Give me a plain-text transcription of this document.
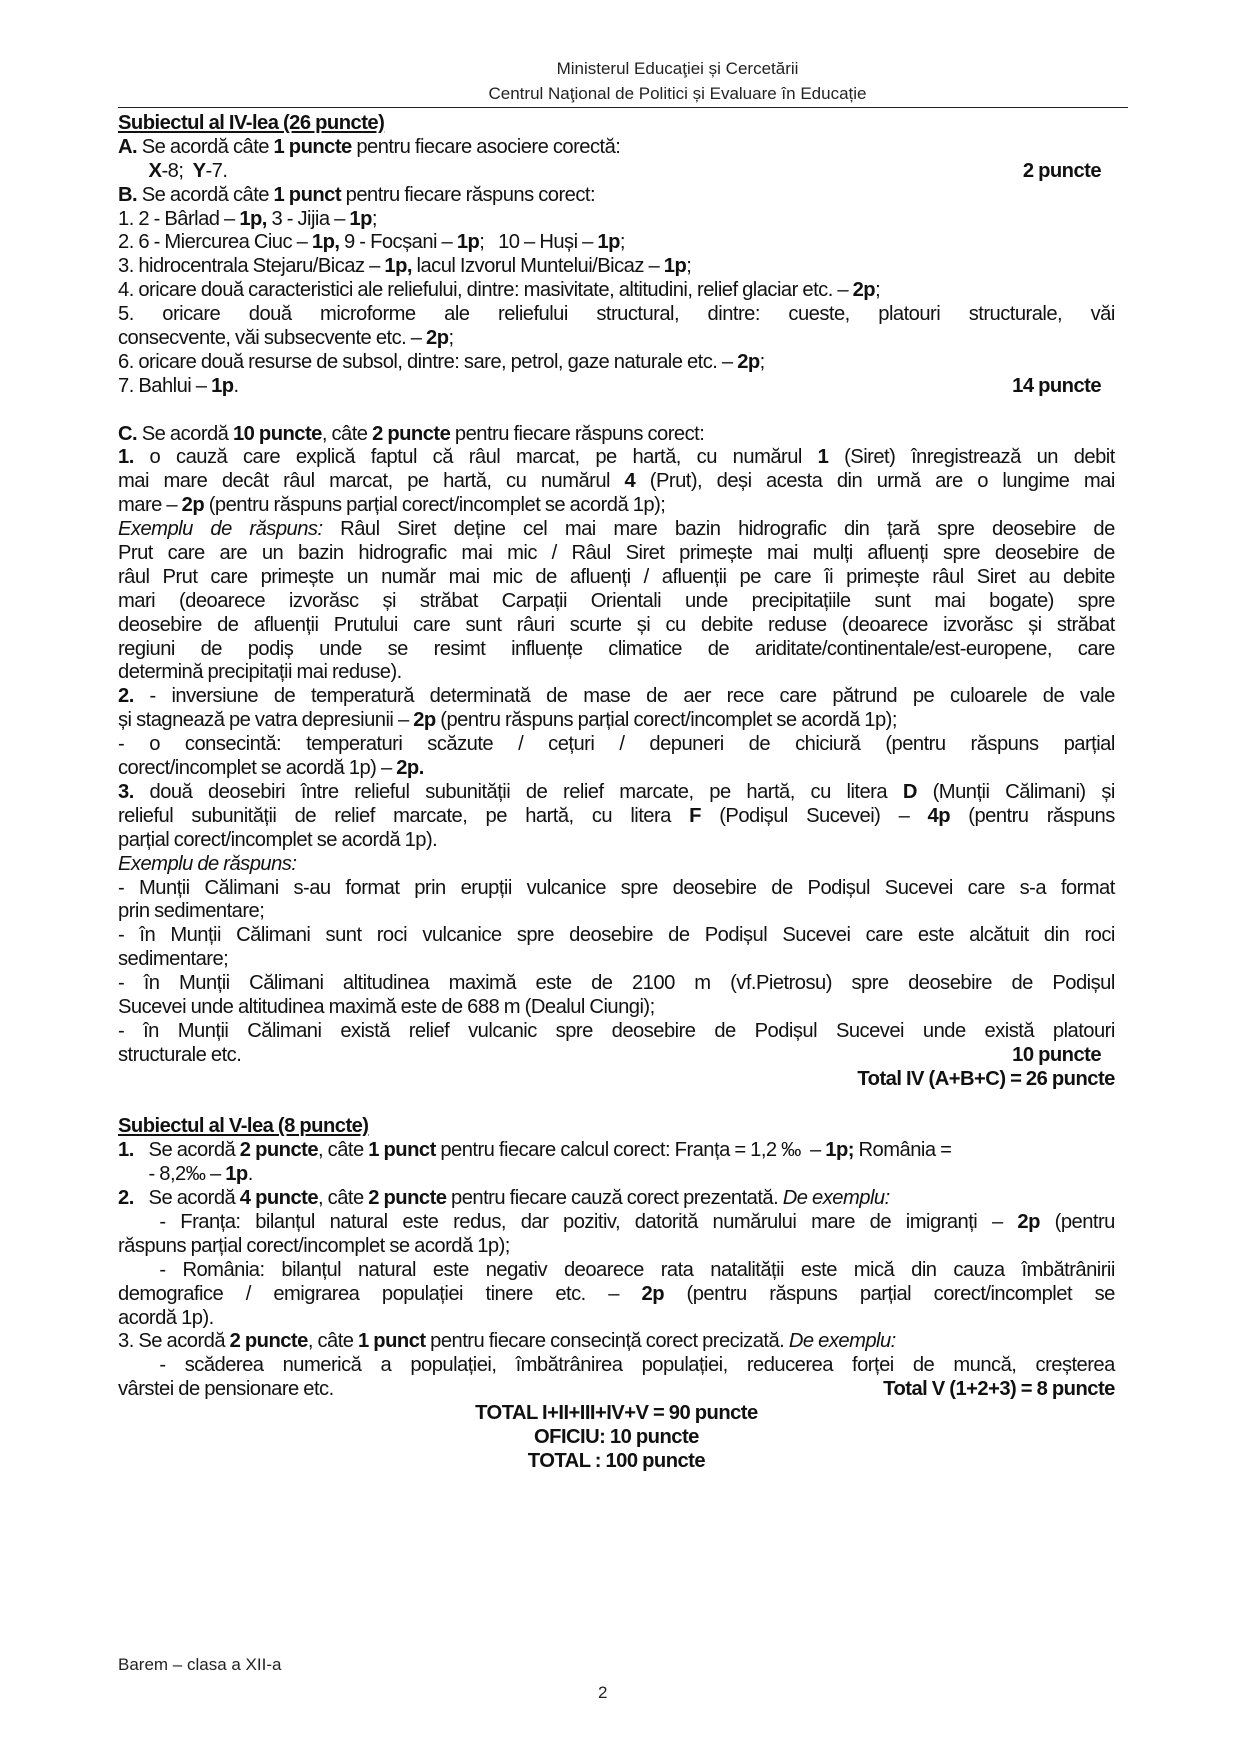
Ministerul Educaţiei și Cercetării
Centrul Naţional de Politici și Evaluare în Educație
Subiectul al IV-lea (26 puncte)
A. Se acordă câte 1 puncte pentru fiecare asociere corectă:
X-8;  Y-7.	2 puncte
B. Se acordă câte 1 punct pentru fiecare răspuns corect:
1. 2 - Bârlad – 1p, 3 - Jijia – 1p;
2. 6 - Miercurea Ciuc – 1p, 9 - Focșani – 1p;   10 – Huși – 1p;
3. hidrocentrala Stejaru/Bicaz – 1p, lacul Izvorul Muntelui/Bicaz – 1p;
4. oricare două caracteristici ale reliefului, dintre: masivitate, altitudini, relief glaciar etc. – 2p;
5. oricare două microforme ale reliefului structural, dintre: cueste, platouri structurale, văi
consecvente, văi subsecvente etc. – 2p;
6. oricare două resurse de subsol, dintre: sare, petrol, gaze naturale etc. – 2p;
7. Bahlui – 1p.	14 puncte
C. Se acordă 10 puncte, câte 2 puncte pentru fiecare răspuns corect:
1. o cauză care explică faptul că râul marcat, pe hartă, cu numărul 1 (Siret) înregistrează un debit
mai mare decât râul marcat, pe hartă, cu numărul 4 (Prut), deși acesta din urmă are o lungime mai
mare – 2p (pentru răspuns parțial corect/incomplet se acordă 1p);
Exemplu de răspuns: Râul Siret deține cel mai mare bazin hidrografic din țară spre deosebire de
Prut care are un bazin hidrografic mai mic / Râul Siret primește mai mulți afluenți spre deosebire de
râul Prut care primește un număr mai mic de afluenți / afluenții pe care îi primește râul Siret au debite
mari (deoarece izvorăsc și străbat Carpații Orientali unde precipitațiile sunt mai bogate) spre
deosebire de afluenții Prutului care sunt râuri scurte și cu debite reduse (deoarece izvorăsc și străbat
regiuni de podiș unde se resimt influențe climatice de ariditate/continentale/est-europene, care
determină precipitații mai reduse).
2. - inversiune de temperatură determinată de mase de aer rece care pătrund pe culoarele de vale
și stagnează pe vatra depresiunii – 2p (pentru răspuns parțial corect/incomplet se acordă 1p);
- o consecintă: temperaturi scăzute / cețuri / depuneri de chiciură (pentru răspuns parțial
corect/incomplet se acordă 1p) – 2p.
3. două deosebiri între relieful subunității de relief marcate, pe hartă, cu litera D (Munții Călimani) și
relieful subunității de relief marcate, pe hartă, cu litera F (Podișul Sucevei) – 4p (pentru răspuns
parțial corect/incomplet se acordă 1p).
Exemplu de răspuns:
- Munții Călimani s-au format prin erupții vulcanice spre deosebire de Podișul Sucevei care s-a format
prin sedimentare;
- în Munții Călimani sunt roci vulcanice spre deosebire de Podișul Sucevei care este alcătuit din roci
sedimentare;
- în Munții Călimani altitudinea maximă este de 2100 m (vf.Pietrosu) spre deosebire de Podișul
Sucevei unde altitudinea maximă este de 688 m (Dealul Ciungi);
- în Munții Călimani există relief vulcanic spre deosebire de Podișul Sucevei unde există platouri
structurale etc.	10 puncte
Total IV (A+B+C) = 26 puncte
Subiectul al V-lea (8 puncte)
1. Se acordă 2 puncte, câte 1 punct pentru fiecare calcul corect: Franța = 1,2 ‰  – 1p; România =
- 8,2‰ – 1p.
2. Se acordă 4 puncte, câte 2 puncte pentru fiecare cauză corect prezentată. De exemplu:
- Franța: bilanțul natural este redus, dar pozitiv, datorită numărului mare de imigranți – 2p (pentru
răspuns parțial corect/incomplet se acordă 1p);
- România: bilanțul natural este negativ deoarece rata natalității este mică din cauza îmbătrânirii
demografice / emigrarea populației tinere etc. – 2p (pentru răspuns parțial corect/incomplet se
acordă 1p).
3. Se acordă 2 puncte, câte 1 punct pentru fiecare consecință corect precizată. De exemplu:
- scăderea numerică a populației, îmbătrânirea populației, reducerea forței de muncă, creșterea
vârstei de pensionare etc.	Total V (1+2+3) = 8 puncte
TOTAL I+II+III+IV+V = 90 puncte
OFICIU: 10 puncte
TOTAL : 100 puncte
Barem – clasa a XII-a
2
